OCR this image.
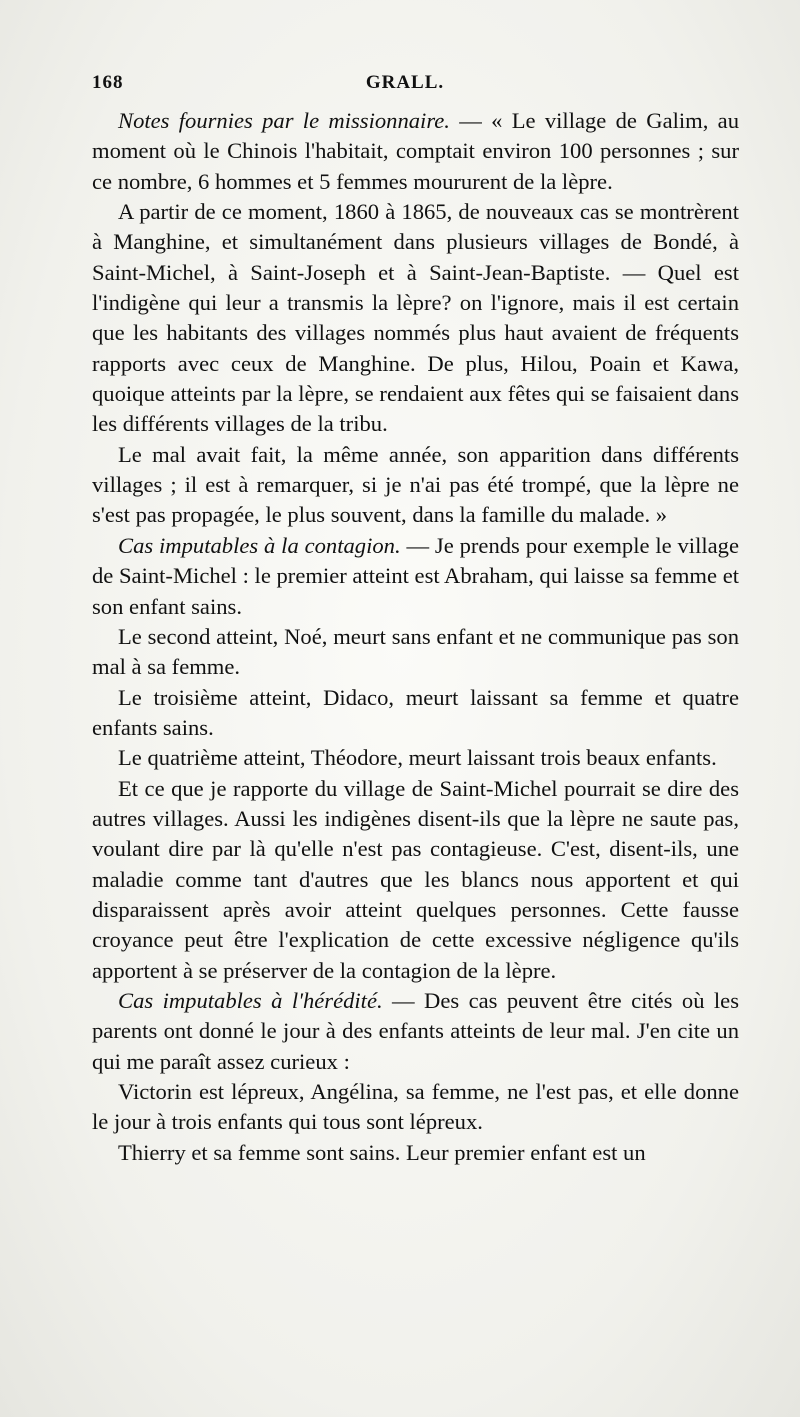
168	GRALL.

Notes fournies par le missionnaire. — « Le village de Galim, au moment où le Chinois l'habitait, comptait environ 100 personnes ; sur ce nombre, 6 hommes et 5 femmes moururent de la lèpre.

A partir de ce moment, 1860 à 1865, de nouveaux cas se montrèrent à Manghine, et simultanément dans plusieurs villages de Bondé, à Saint-Michel, à Saint-Joseph et à Saint-Jean-Baptiste. — Quel est l'indigène qui leur a transmis la lèpre? on l'ignore, mais il est certain que les habitants des villages nommés plus haut avaient de fréquents rapports avec ceux de Manghine. De plus, Hilou, Poain et Kawa, quoique atteints par la lèpre, se rendaient aux fêtes qui se faisaient dans les différents villages de la tribu.

Le mal avait fait, la même année, son apparition dans différents villages ; il est à remarquer, si je n'ai pas été trompé, que la lèpre ne s'est pas propagée, le plus souvent, dans la famille du malade. »

Cas imputables à la contagion. — Je prends pour exemple le village de Saint-Michel : le premier atteint est Abraham, qui laisse sa femme et son enfant sains.

Le second atteint, Noé, meurt sans enfant et ne communique pas son mal à sa femme.

Le troisième atteint, Didaco, meurt laissant sa femme et quatre enfants sains.

Le quatrième atteint, Théodore, meurt laissant trois beaux enfants.

Et ce que je rapporte du village de Saint-Michel pourrait se dire des autres villages. Aussi les indigènes disent-ils que la lèpre ne saute pas, voulant dire par là qu'elle n'est pas contagieuse. C'est, disent-ils, une maladie comme tant d'autres que les blancs nous apportent et qui disparaissent après avoir atteint quelques personnes. Cette fausse croyance peut être l'explication de cette excessive négligence qu'ils apportent à se préserver de la contagion de la lèpre.

Cas imputables à l'hérédité. — Des cas peuvent être cités où les parents ont donné le jour à des enfants atteints de leur mal. J'en cite un qui me paraît assez curieux :

Victorin est lépreux, Angélina, sa femme, ne l'est pas, et elle donne le jour à trois enfants qui tous sont lépreux.

Thierry et sa femme sont sains. Leur premier enfant est un
